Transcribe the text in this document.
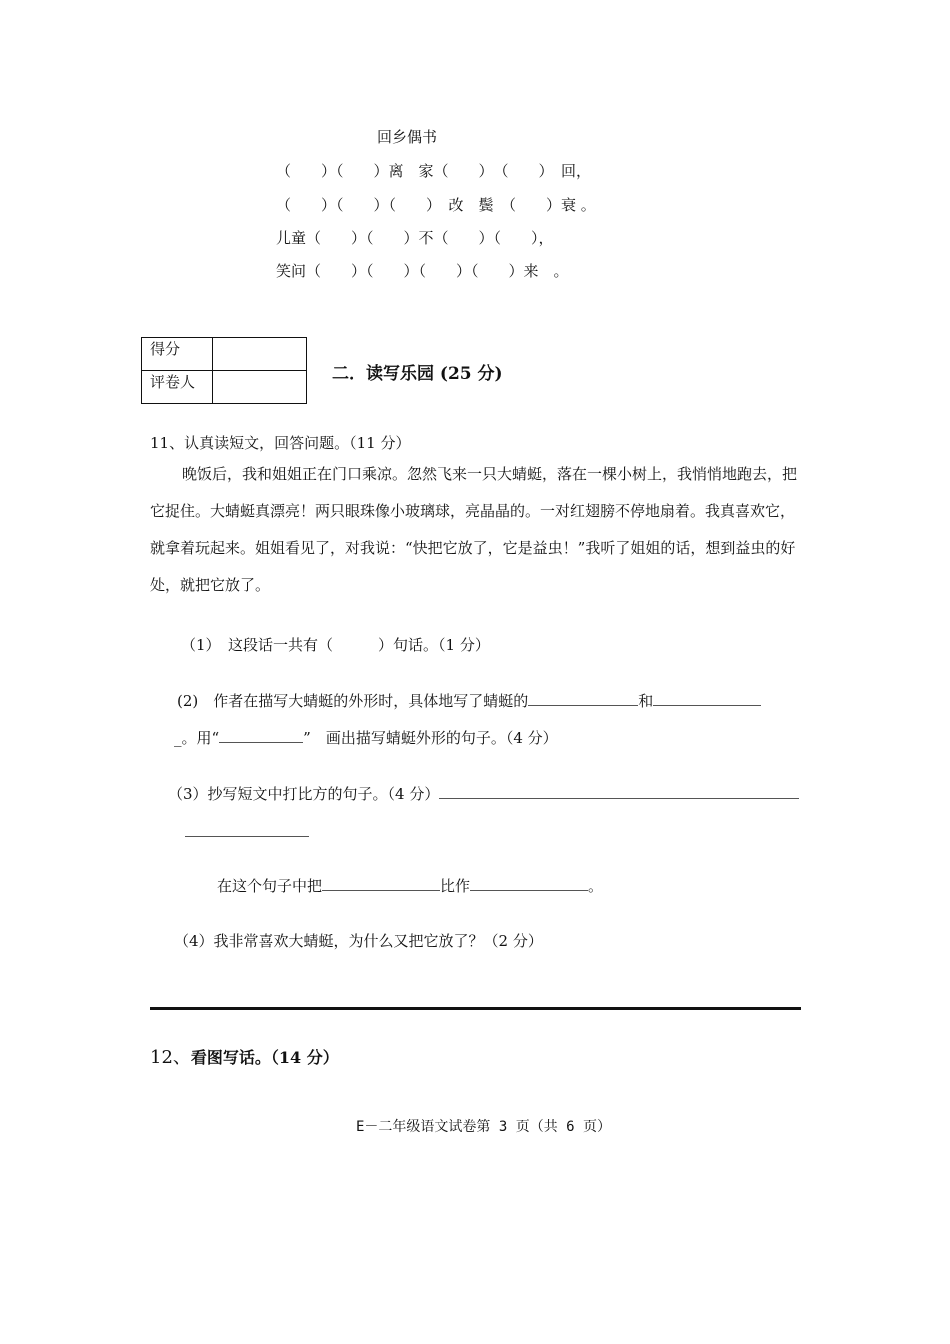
回乡偶书
（　　）（　　）离　家（　　）　（　　）　回，
（　　）（　　）（　　）　改　鬓　（　　）衰 。
儿童（　　）（　　）不（　　）（　　），
笑问（　　）（　　）（　　）（　　）来　。
得分	
评卷人		二．读写乐园 (25 分)
11、认真读短文，回答问题。（11 分）
晚饭后，我和姐姐正在门口乘凉。忽然飞来一只大蜻蜓，落在一棵小树上，我悄悄地跑去，把它捉住。大蜻蜓真漂亮！两只眼珠像小玻璃球，亮晶晶的。一对红翅膀不停地扇着。我真喜欢它，就拿着玩起来。姐姐看见了，对我说：“快把它放了，它是益虫！”我听了姐姐的话，想到益虫的好处，就把它放了。
（1）　这段话一共有（　　　）句话。（1 分）
(2)　作者在描写大蜻蜓的外形时，具体地写了蜻蜓的	和
_。用“	”　画出描写蜻蜓外形的句子。（4 分）
（3）抄写短文中打比方的句子。（4 分）
在这个句子中把	比作	。
（4）我非常喜欢大蜻蜓，为什么又把它放了？（2 分）
12、看图写话。（14 分）
E－二年级语文试卷第 3 页（共 6 页）
